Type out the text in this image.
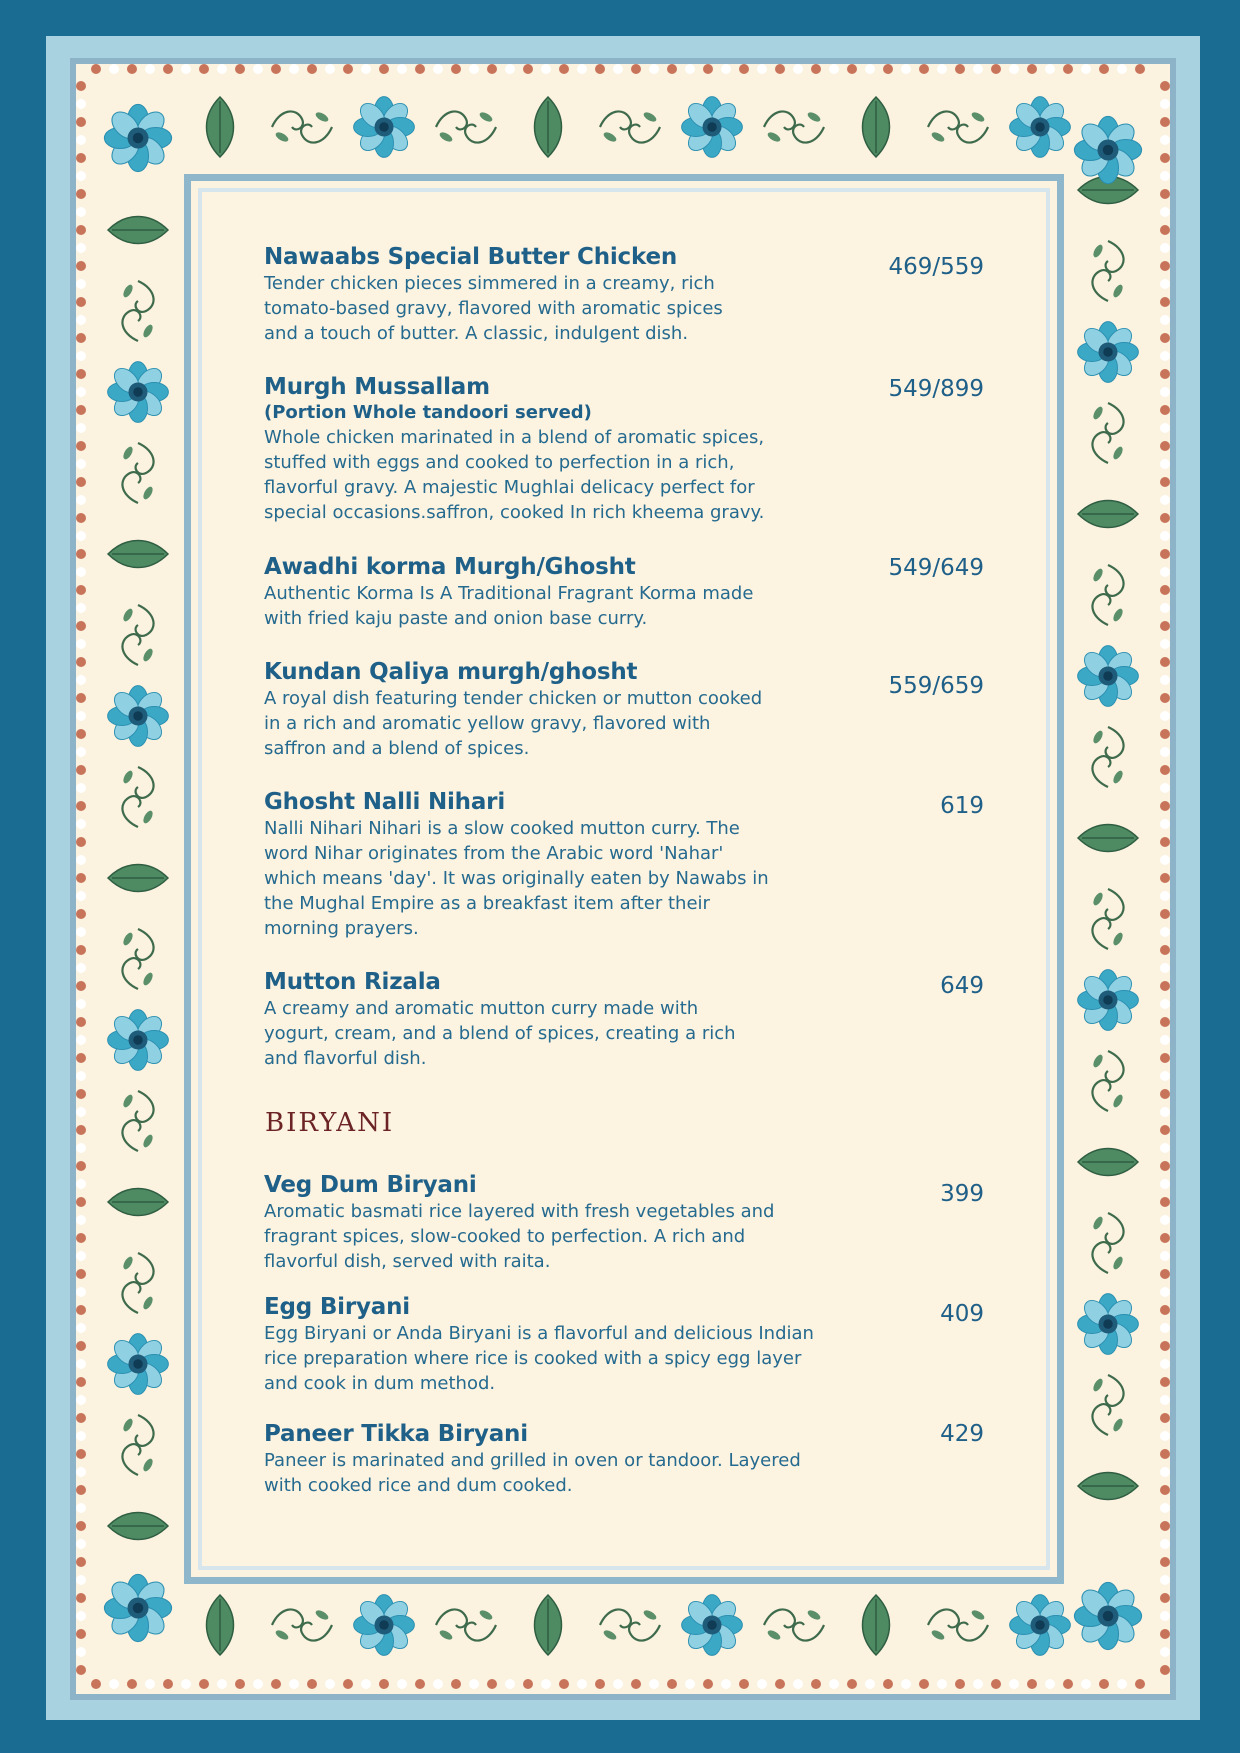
Nawaabs Special Butter Chicken
Tender chicken pieces simmered in a creamy, rich
tomato-based gravy, flavored with aromatic spices
and a touch of butter. A classic, indulgent dish.
469/559
Murgh Mussallam
(Portion Whole tandoori served)
Whole chicken marinated in a blend of aromatic spices,
stuffed with eggs and cooked to perfection in a rich,
flavorful gravy. A majestic Mughlai delicacy perfect for
special occasions.saffron, cooked In rich kheema gravy.
549/899
Awadhi korma Murgh/Ghosht
Authentic Korma Is A Traditional Fragrant Korma made
with fried kaju paste and onion base curry.
549/649
Kundan Qaliya murgh/ghosht
A royal dish featuring tender chicken or mutton cooked
in a rich and aromatic yellow gravy, flavored with
saffron and a blend of spices.
559/659
Ghosht Nalli Nihari
Nalli Nihari Nihari is a slow cooked mutton curry. The
word Nihar originates from the Arabic word 'Nahar'
which means 'day'. It was originally eaten by Nawabs in
the Mughal Empire as a breakfast item after their
morning prayers.
619
Mutton Rizala
A creamy and aromatic mutton curry made with
yogurt, cream, and a blend of spices, creating a rich
and flavorful dish.
649
BIRYANI
Veg Dum Biryani
Aromatic basmati rice layered with fresh vegetables and
fragrant spices, slow-cooked to perfection. A rich and
flavorful dish, served with raita.
399
Egg Biryani
Egg Biryani or Anda Biryani is a flavorful and delicious Indian
rice preparation where rice is cooked with a spicy egg layer
and cook in dum method.
409
Paneer Tikka Biryani
Paneer is marinated and grilled in oven or tandoor. Layered
with cooked rice and dum cooked.
429
